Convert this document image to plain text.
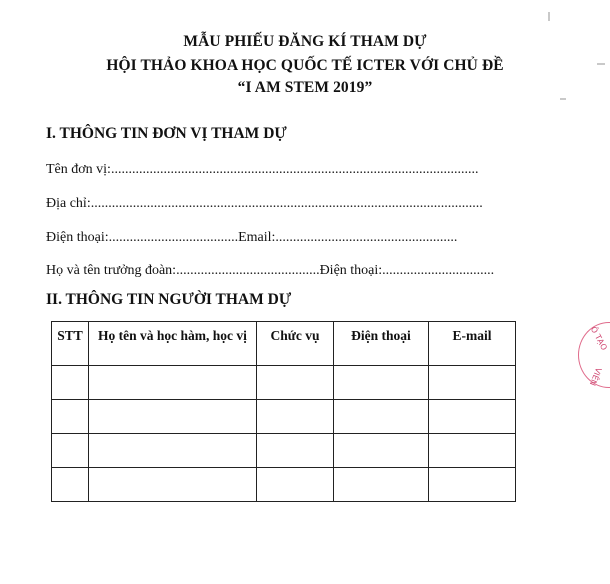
MẪU PHIẾU ĐĂNG KÍ THAM DỰ
HỘI THẢO KHOA HỌC QUỐC TẾ ICTER VỚI CHỦ ĐỀ
“I AM STEM 2019”
I. THÔNG TIN ĐƠN VỊ THAM DỰ
Tên đơn vị:.........................................................................................................
Địa chỉ:................................................................................................................
Điện thoại:.....................................Email:....................................................
Họ và tên trưởng đoàn:.........................................Điện thoại:................................
II. THÔNG TIN NGƯỜI THAM DỰ
STT	Họ tên và học hàm, học vị	Chức vụ	Điện thoại	E-mail

					Ô TẠO
VIÊN
